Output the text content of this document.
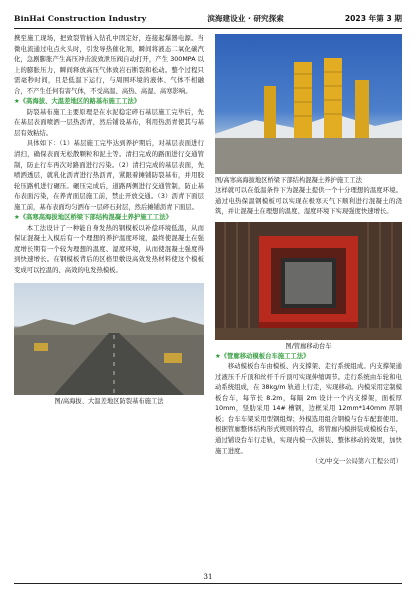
BinHai Construction Industry	滨海建设业 · 研究探索	2023 年第 3 期

携至施工现场，把致裂管插入钻孔中固定好，连接起爆器电源。当微电流通过电点火头时，引发导热催化剂，瞬间将液态二氧化碳汽化，急剧膨胀产生高压冲击波致泄压阀自动打开，产生 300MPA 以上的膨胀压力，瞬间释放高压气体致岩石断裂和松动。整个过程只需毫秒时间，且是低温下运行，与周围环境的液体、气体不相融合，不产生任何有害气体，不受高温、高热、高湿、高寒影响。

★《高海拔、大温差地区的路基布施工工法》

防裂基布施工主要原理是在水泥稳定碎石基层施工完毕后，先在基层表面喷洒一层热沥青，然后铺设基布，利用热沥青使其与基层有效粘结。

具体如下：（1）基层施工完毕达到养护期后，对基层表面进行清扫，确保表面无松散颗粒和泥土等。清扫完成的路面进行交通管制，防止行车再次对路面进行污染。（2）清扫完成的基层表面，先喷洒透层，就乳化沥青进行热沥青，紧跟着摊铺防裂基布，并用胶轮压路机进行碾压。碾压完成后，道路两侧进行交通管制，防止基布表面污染，在养青面层施工前，禁止开放交通。（3）沥青下面层施工前，基布表面均匀洒布一层碎石封层，然后摊铺沥青下面层。

★《高寒高海拔地区桥梁下部结构混凝土养护施工工法》

本工法设计了一种能自身发热的钢模板以补偿环境低温，从而保证混凝土入模后有一个理想的养护温度环境，最终使混凝土在强度增长期有一个较为理想的温度、湿度环境，从而使混凝土强度得到快速增长。在钢模板背后的区格里敷设高效发热材料使这个模板变成可以控温的、高效的电发热模板。

图/高海拔、大温差地区防裂基布施工法
图/高寒高海拔地区桥梁下部结构混凝土养护施工工法

这样就可以在低温条件下为混凝土提供一个十分理想的温度环境。通过电热保温钢模板可以实现在极寒天气下顺利进行混凝土的浇筑，并让混凝土在理想的温度、湿度环境下实现强度快速增长。

图/管廊移动台车

★《管廊移动模板台车施工工法》

移动模板台车由模板、内支撑架、走行系统组成。内支撑架通过液压千斤顶和丝杆千斤顶可实现伸缩调节。走行系统由车轮和电动系统组成，在 38kg/m 轨道上行走，实现移动。内模采用定制模板台车，每节长 8.2m，每隔 2m 设计一个内支撑架，面板厚 10mm，竖肋采用 14# 槽钢，边框采用 12mm*140mm 厚钢板；台车车架采用型钢组焊；外模选用组合钢模与台车配套使用。根据管廊整体结构形式规则的特点，将管廊内模拼装成模板台车，通过铺设台车行走轨，实现内模一次拼装、整体移动的效果，加快施工进度。

（文/中交一公局第六工程公司）
31
